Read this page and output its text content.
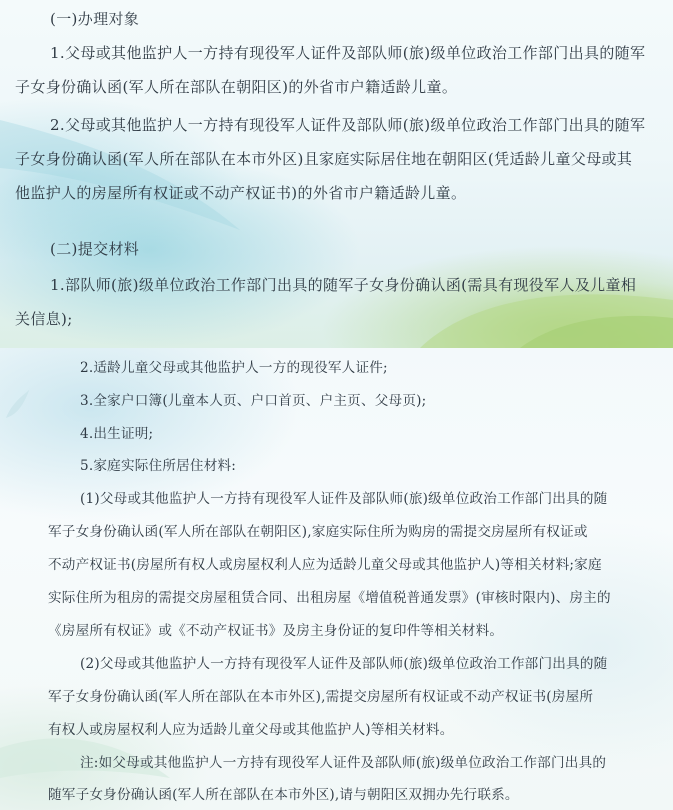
(一)办理对象
1.父母或其他监护人一方持有现役军人证件及部队师(旅)级单位政治工作部门出具的随军
子女身份确认函(军人所在部队在朝阳区)的外省市户籍适龄儿童。
2.父母或其他监护人一方持有现役军人证件及部队师(旅)级单位政治工作部门出具的随军
子女身份确认函(军人所在部队在本市外区)且家庭实际居住地在朝阳区(凭适龄儿童父母或其
他监护人的房屋所有权证或不动产权证书)的外省市户籍适龄儿童。
(二)提交材料
1.部队师(旅)级单位政治工作部门出具的随军子女身份确认函(需具有现役军人及儿童相
关信息);
2.适龄儿童父母或其他监护人一方的现役军人证件;
3.全家户口簿(儿童本人页、户口首页、户主页、父母页);
4.出生证明;
5.家庭实际住所居住材料:
(1)父母或其他监护人一方持有现役军人证件及部队师(旅)级单位政治工作部门出具的随
军子女身份确认函(军人所在部队在朝阳区),家庭实际住所为购房的需提交房屋所有权证或
不动产权证书(房屋所有权人或房屋权利人应为适龄儿童父母或其他监护人)等相关材料;家庭
实际住所为租房的需提交房屋租赁合同、出租房屋《增值税普通发票》(审核时限内)、房主的
《房屋所有权证》或《不动产权证书》及房主身份证的复印件等相关材料。
(2)父母或其他监护人一方持有现役军人证件及部队师(旅)级单位政治工作部门出具的随
军子女身份确认函(军人所在部队在本市外区),需提交房屋所有权证或不动产权证书(房屋所
有权人或房屋权利人应为适龄儿童父母或其他监护人)等相关材料。
注:如父母或其他监护人一方持有现役军人证件及部队师(旅)级单位政治工作部门出具的
随军子女身份确认函(军人所在部队在本市外区),请与朝阳区双拥办先行联系。
